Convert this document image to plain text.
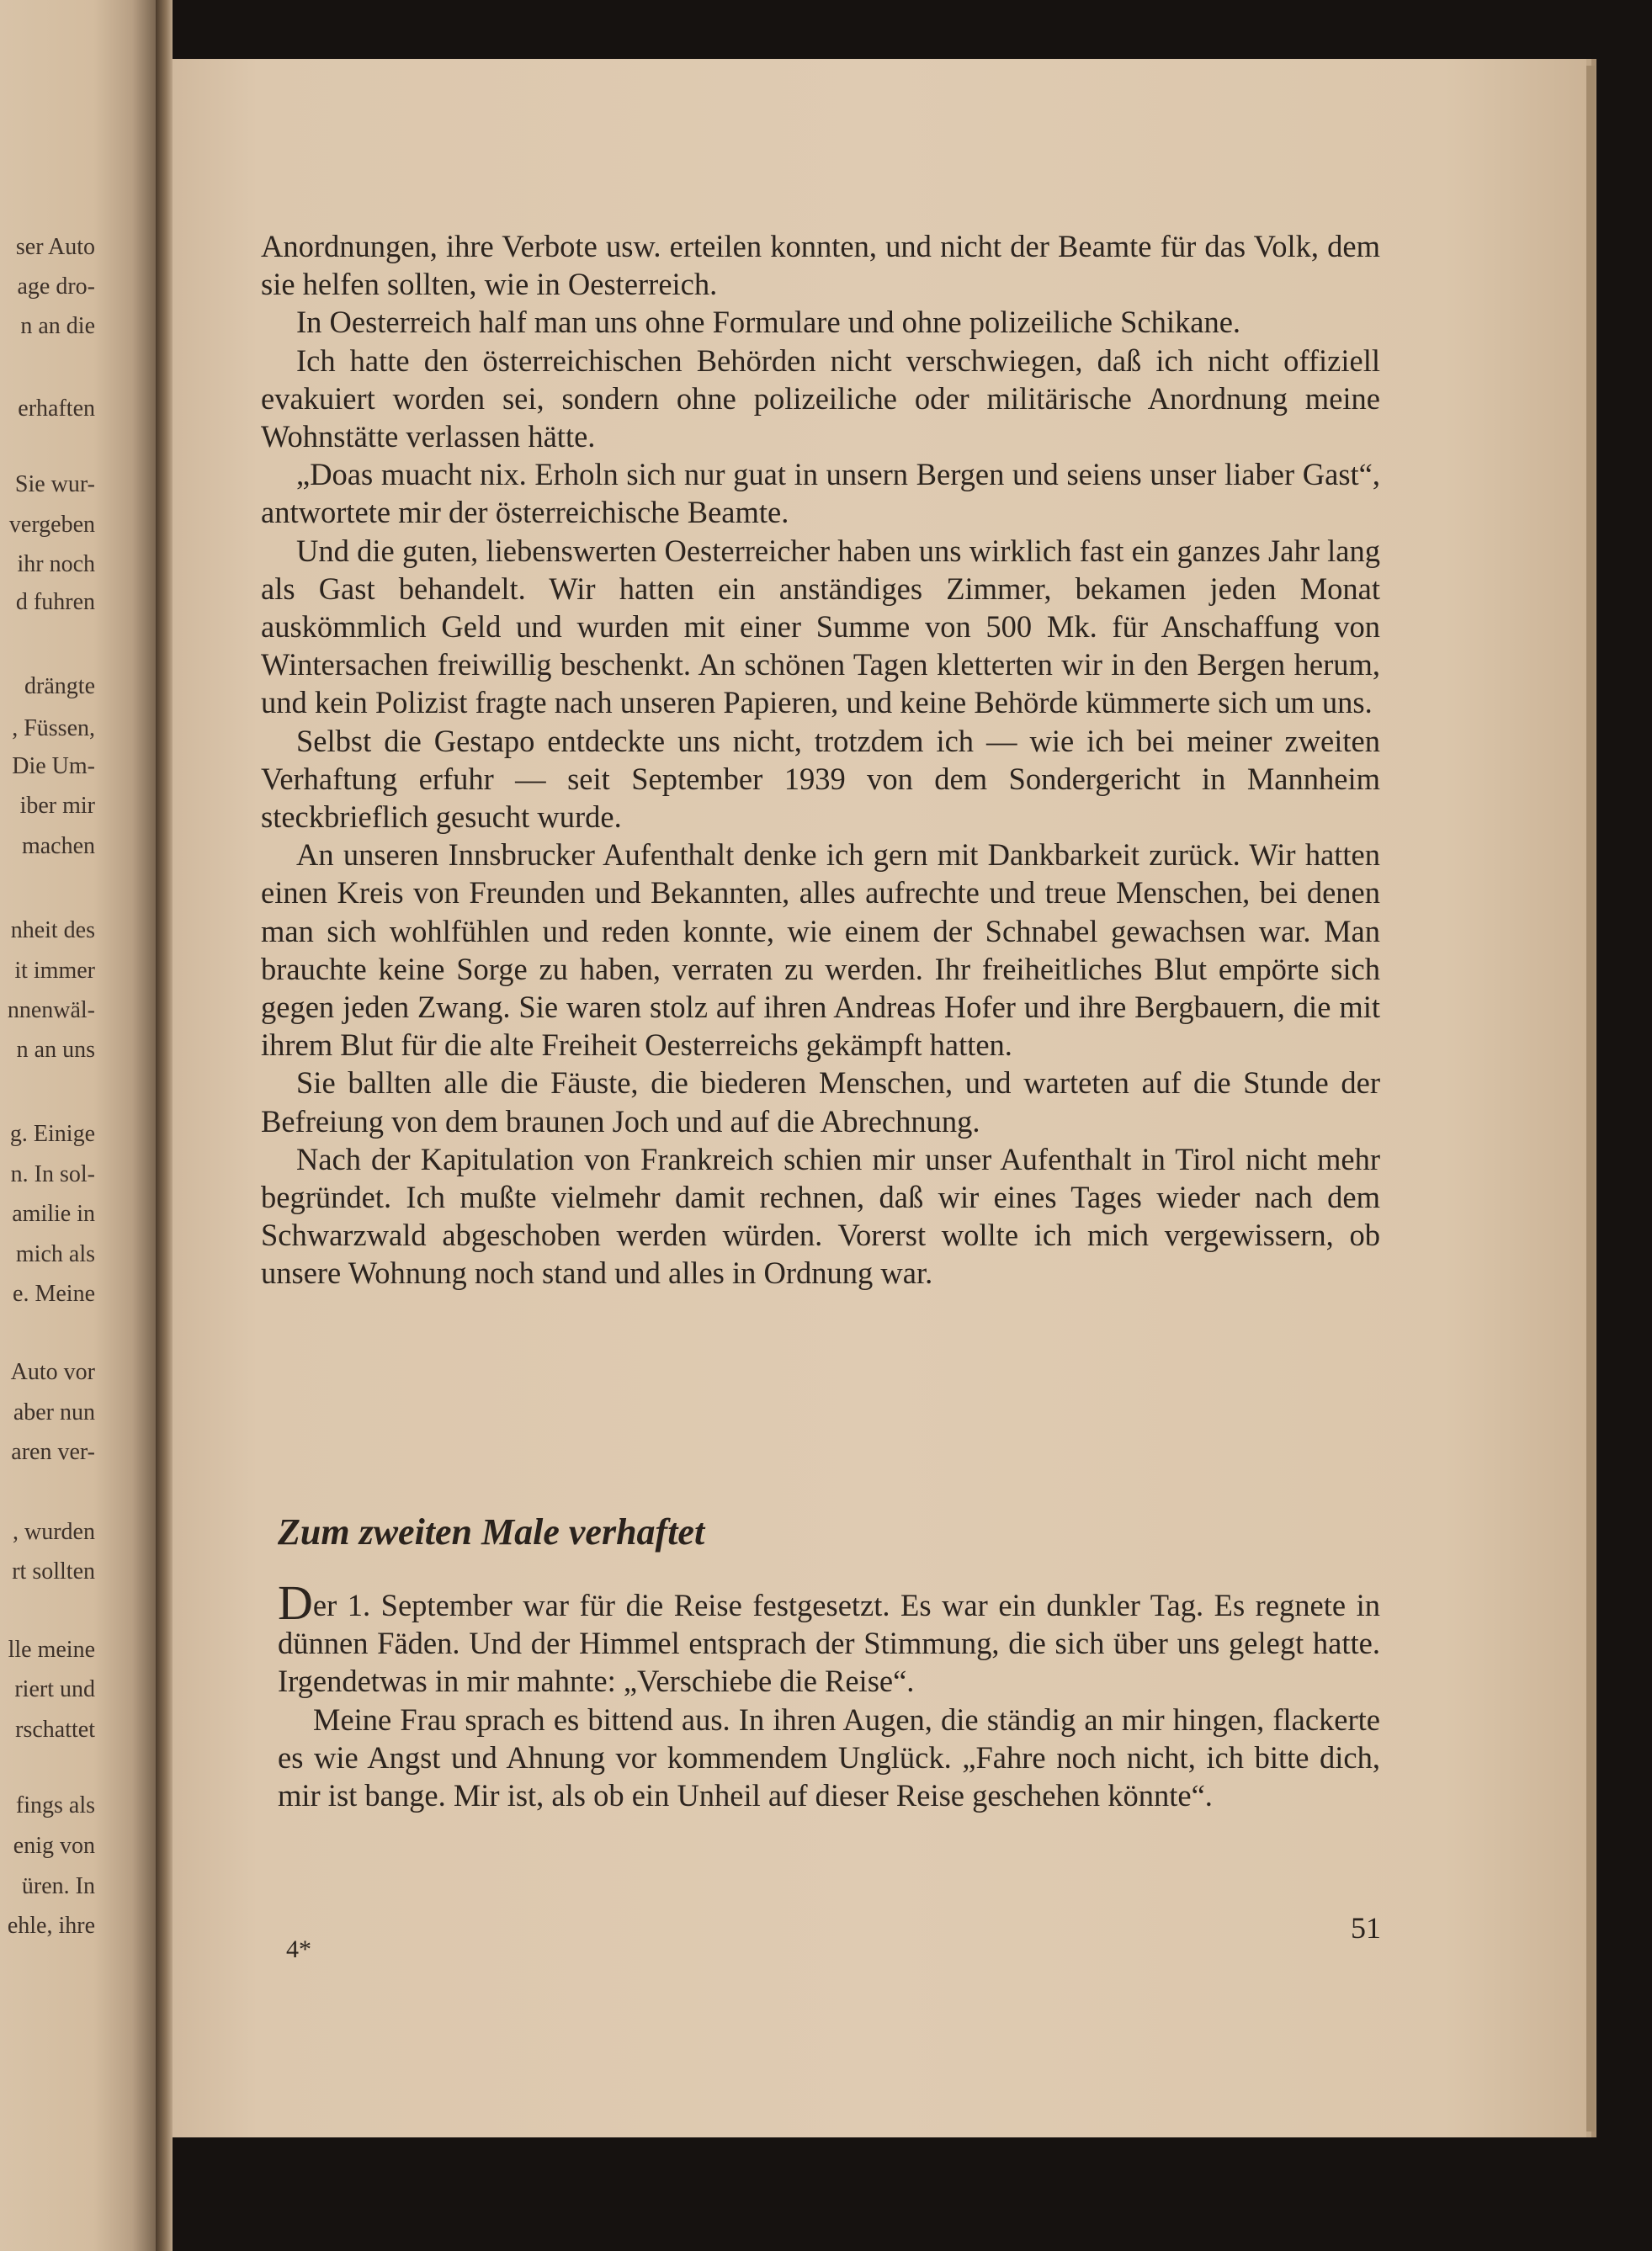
ser Auto
age dro-
n an die
erhaften
Sie wur-
vergeben
ihr noch
d fuhren
drängte
, Füssen,
Die Um-
iber mir
machen
nheit des
it immer
nnenwäl-
n an uns
g. Einige
n. In sol-
amilie in
mich als
e. Meine
Auto vor
aber nun
aren ver-
, wurden
rt sollten
lle meine
riert und
rschattet
fings als
enig von
üren. In
ehle, ihre

Anordnungen, ihre Verbote usw. erteilen konnten, und nicht der Beamte für das Volk, dem sie helfen sollten, wie in Oesterreich.

In Oesterreich half man uns ohne Formulare und ohne polizeiliche Schikane.

Ich hatte den österreichischen Behörden nicht verschwiegen, daß ich nicht offiziell evakuiert worden sei, sondern ohne polizeiliche oder militärische Anordnung meine Wohnstätte verlassen hätte.

„Doas muacht nix. Erholn sich nur guat in unsern Bergen und seiens unser liaber Gast“, antwortete mir der österreichische Beamte.

Und die guten, liebenswerten Oesterreicher haben uns wirklich fast ein ganzes Jahr lang als Gast behandelt. Wir hatten ein anständiges Zimmer, bekamen jeden Monat auskömmlich Geld und wurden mit einer Summe von 500 Mk. für Anschaffung von Wintersachen freiwillig beschenkt. An schönen Tagen kletterten wir in den Bergen herum, und kein Polizist fragte nach unseren Papieren, und keine Behörde kümmerte sich um uns.

Selbst die Gestapo entdeckte uns nicht, trotzdem ich — wie ich bei meiner zweiten Verhaftung erfuhr — seit September 1939 von dem Sondergericht in Mannheim steckbrieflich gesucht wurde.

An unseren Innsbrucker Aufenthalt denke ich gern mit Dankbarkeit zurück. Wir hatten einen Kreis von Freunden und Bekannten, alles aufrechte und treue Menschen, bei denen man sich wohlfühlen und reden konnte, wie einem der Schnabel gewachsen war. Man brauchte keine Sorge zu haben, verraten zu werden. Ihr freiheitliches Blut empörte sich gegen jeden Zwang. Sie waren stolz auf ihren Andreas Hofer und ihre Bergbauern, die mit ihrem Blut für die alte Freiheit Oesterreichs gekämpft hatten.

Sie ballten alle die Fäuste, die biederen Menschen, und warteten auf die Stunde der Befreiung von dem braunen Joch und auf die Abrechnung.

Nach der Kapitulation von Frankreich schien mir unser Aufenthalt in Tirol nicht mehr begründet. Ich mußte vielmehr damit rechnen, daß wir eines Tages wieder nach dem Schwarzwald abgeschoben werden würden. Vorerst wollte ich mich vergewissern, ob unsere Wohnung noch stand und alles in Ordnung war.

Zum zweiten Male verhaftet

Der 1. September war für die Reise festgesetzt. Es war ein dunkler Tag. Es regnete in dünnen Fäden. Und der Himmel entsprach der Stimmung, die sich über uns gelegt hatte. Irgendetwas in mir mahnte: „Verschiebe die Reise“.

Meine Frau sprach es bittend aus. In ihren Augen, die ständig an mir hingen, flackerte es wie Angst und Ahnung vor kommendem Unglück. „Fahre noch nicht, ich bitte dich, mir ist bange. Mir ist, als ob ein Unheil auf dieser Reise geschehen könnte“.

4*
51
